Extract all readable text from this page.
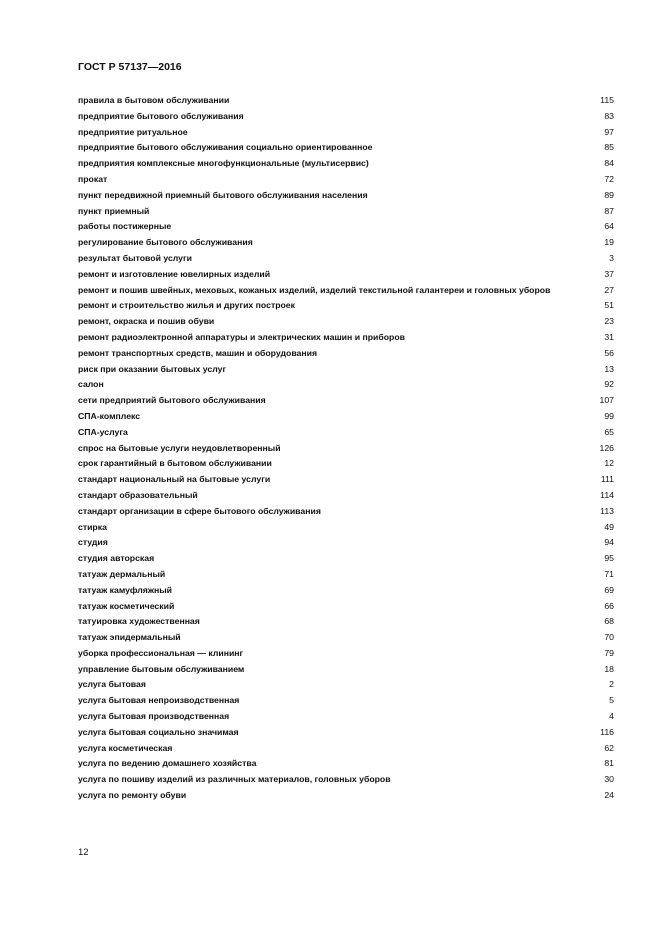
ГОСТ Р 57137—2016
правила в бытовом обслуживании	115
предприятие бытового обслуживания	83
предприятие ритуальное	97
предприятие бытового обслуживания социально ориентированное	85
предприятия комплексные многофункциональные (мультисервис)	84
прокат	72
пункт передвижной приемный бытового обслуживания населения	89
пункт приемный	87
работы постижерные	64
регулирование бытового обслуживания	19
результат бытовой услуги	3
ремонт и изготовление ювелирных изделий	37
ремонт и пошив швейных, меховых, кожаных изделий, изделий текстильной галантереи и головных уборов	27
ремонт и строительство жилья и других построек	51
ремонт, окраска и пошив обуви	23
ремонт радиоэлектронной аппаратуры и электрических машин и приборов	31
ремонт транспортных средств, машин и оборудования	56
риск при оказании бытовых услуг	13
салон	92
сети предприятий бытового обслуживания	107
СПА-комплекс	99
СПА-услуга	65
спрос на бытовые услуги неудовлетворенный	126
срок гарантийный в бытовом обслуживании	12
стандарт национальный на бытовые услуги	111
стандарт образовательный	114
стандарт организации в сфере бытового обслуживания	113
стирка	49
студия	94
студия авторская	95
татуаж дермальный	71
татуаж камуфляжный	69
татуаж косметический	66
татуировка художественная	68
татуаж эпидермальный	70
уборка профессиональная — клининг	79
управление бытовым обслуживанием	18
услуга бытовая	2
услуга бытовая непроизводственная	5
услуга бытовая производственная	4
услуга бытовая социально значимая	116
услуга косметическая	62
услуга по ведению домашнего хозяйства	81
услуга по пошиву изделий из различных материалов, головных уборов	30
услуга по ремонту обуви	24
12
